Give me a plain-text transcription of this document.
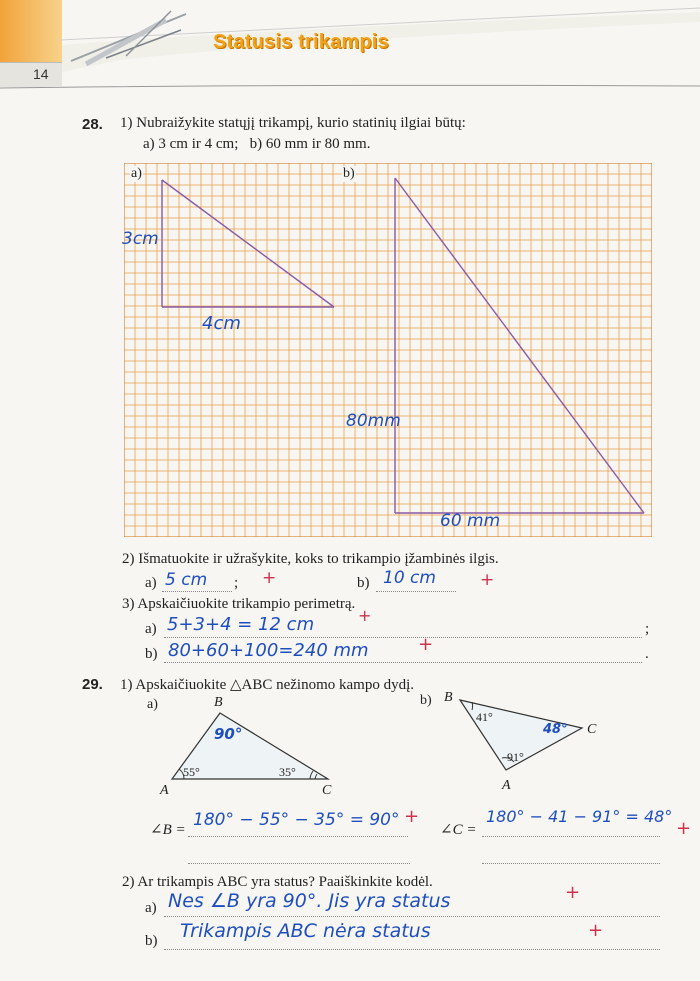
Statusis trikampis
14
28. 1) Nubraižykite statųjį trikampį, kurio statinių ilgiai būtų:
a) 3 cm ir 4 cm;   b) 60 mm ir 80 mm.
a)	b)
3cm
4cm
80mm
60 mm
2) Išmatuokite ir užrašykite, koks to trikampio įžambinės ilgis.
a) 5 cm ; +	b) 10 cm	+
3) Apskaičiuokite trikampio perimetrą.
a) 5+3+4 = 12 cm	+
;
b) 80+60+100=240 mm	+	.
29. 1) Apskaičiuokite △ABC nežinomo kampo dydį.
a)	b)
B
A	C
55°	35°
90°
B
C
A
41°
91°
48°
∠B = 180° − 55° − 35° = 90° +
∠C =
180° − 41 − 91° = 48°
+
2) Ar trikampis ABC yra status? Paaiškinkite kodėl.
a) Nes ∠B yra 90°. Jis yra status	+
b) Trikampis ABC nėra status	+
